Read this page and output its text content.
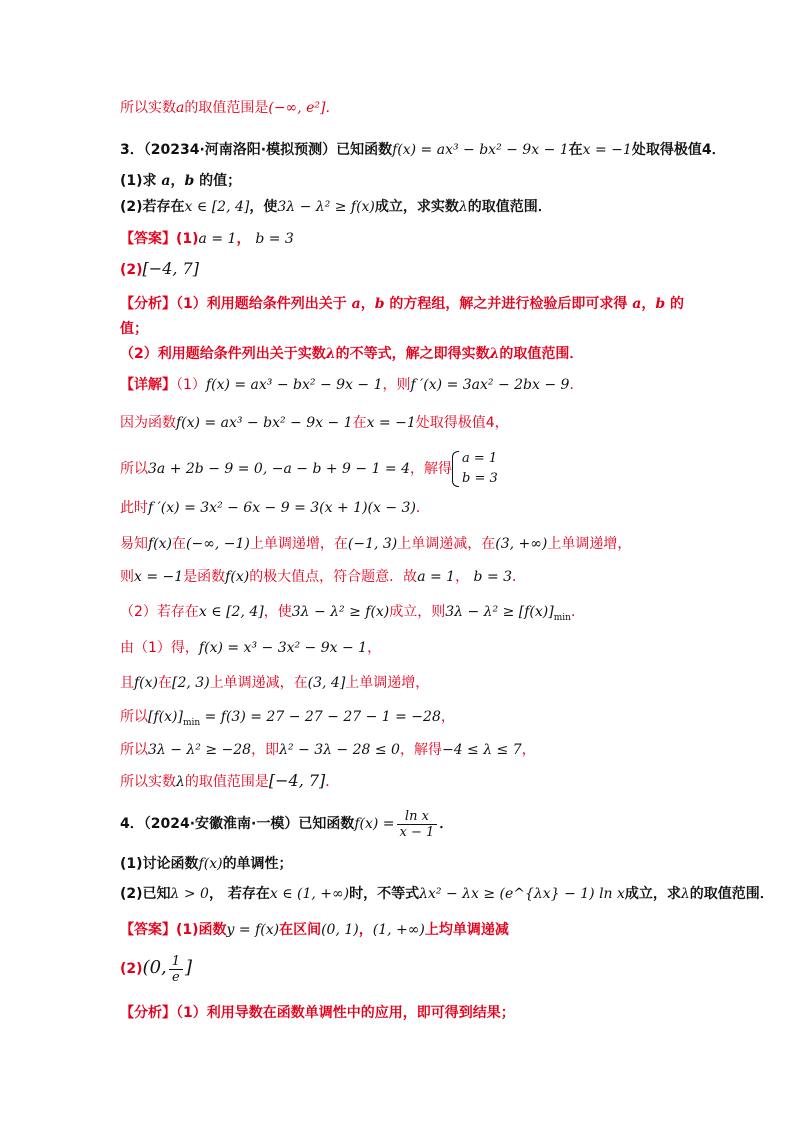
所以实数a的取值范围是(−∞, e²].
3．（20234·河南洛阳·模拟预测）已知函数f(x) = ax³ − bx² − 9x − 1在x = −1处取得极值4．
(1)求 a，b 的值；
(2)若存在x ∈ [2, 4]，使3λ − λ² ≥ f(x)成立，求实数λ的取值范围．
【答案】(1)a = 1， b = 3
(2)[−4, 7]
【分析】（1）利用题给条件列出关于 a，b 的方程组，解之并进行检验后即可求得 a，b 的
值；
（2）利用题给条件列出关于实数λ的不等式，解之即得实数λ的取值范围．
【详解】（1）f(x) = ax³ − bx² − 9x − 1，则f ′(x) = 3ax² − 2bx − 9．
因为函数f(x) = ax³ − bx² − 9x − 1在x = −1处取得极值4，
所以3a + 2b − 9 = 0, −a − b + 9 − 1 = 4，解得
a = 1
b = 3
此时f ′(x) = 3x² − 6x − 9 = 3(x + 1)(x − 3)．
易知f(x)在(−∞, −1)上单调递增，在(−1, 3)上单调递减，在(3, +∞)上单调递增，
则x = −1是函数f(x)的极大值点，符合题意．故a = 1， b = 3．
（2）若存在x ∈ [2, 4]，使3λ − λ² ≥ f(x)成立，则$3\lambda - \lambda^2 \ge [f(x)]_{min}$．
由（1）得，f(x) = x³ − 3x² − 9x − 1，
且f(x)在[2, 3)上单调递减，在(3, 4]上单调递增，
所以$[f(x)]_{min} = f(3) = 27 - 27 - 27 - 1 = -28$，
所以3λ − λ² ≥ −28，即λ² − 3λ − 28 ≤ 0，解得−4 ≤ λ ≤ 7，
所以实数λ的取值范围是[−4, 7]．
4．（2024·安徽淮南·一模）已知函数$f(x) = \frac{\text{ln x}}{x - 1}$ ．
(1)讨论函数f(x)的单调性；
(2)已知λ > 0， 若存在x ∈ (1, +∞)时，不等式λx² − λx ≥ (e^{λx} − 1) ln x成立，求λ的取值范围．
【答案】(1)函数y = f(x)在区间(0, 1)，(1, +∞)上均单调递减
(2)(0, $\frac{1}{e}$ ]
【分析】（1）利用导数在函数单调性中的应用，即可得到结果；
